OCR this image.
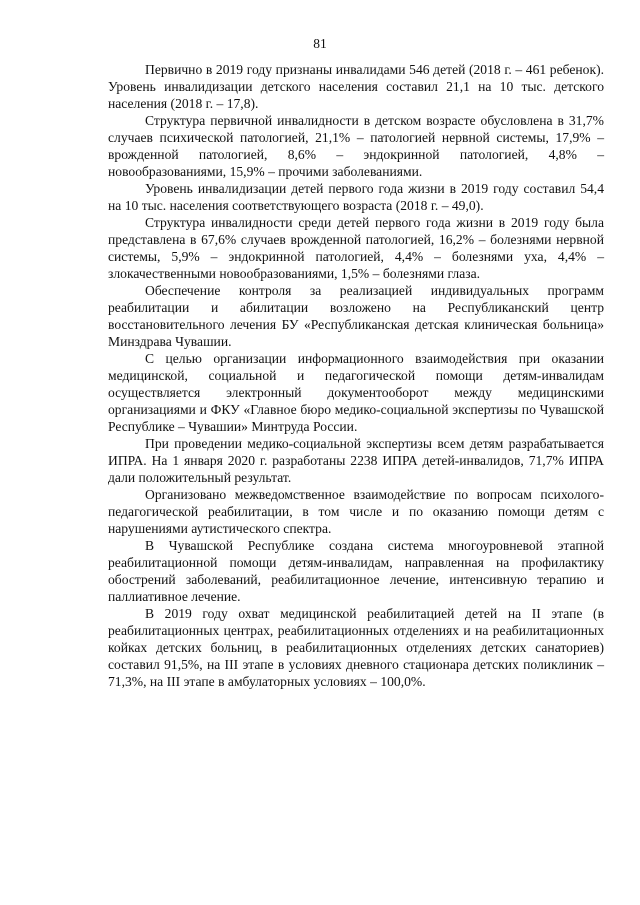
81

Первично в 2019 году признаны инвалидами 546 детей (2018 г. – 461 ребенок). Уровень инвалидизации детского населения составил 21,1 на 10 тыс. детского населения (2018 г. – 17,8).

Структура первичной инвалидности в детском возрасте обусловлена в 31,7% случаев психической патологией, 21,1% – патологией нервной системы, 17,9% – врожденной патологией, 8,6% – эндокринной патологией, 4,8% – новообразованиями, 15,9% – прочими заболеваниями.

Уровень инвалидизации детей первого года жизни в 2019 году составил 54,4 на 10 тыс. населения соответствующего возраста (2018 г. – 49,0).

Структура инвалидности среди детей первого года жизни в 2019 году была представлена в 67,6% случаев врожденной патологией, 16,2% – болезнями нервной системы, 5,9% – эндокринной патологией, 4,4% – болезнями уха, 4,4% – злокачественными новообразованиями, 1,5% – болезнями глаза.

Обеспечение контроля за реализацией индивидуальных программ реабилитации и абилитации возложено на Республиканский центр восстановительного лечения БУ «Республиканская детская клиническая больница» Минздрава Чувашии.

С целью организации информационного взаимодействия при оказании медицинской, социальной и педагогической помощи детям-инвалидам осуществляется электронный документооборот между медицинскими организациями и ФКУ «Главное бюро медико-социальной экспертизы по Чувашской Республике – Чувашии» Минтруда России.

При проведении медико-социальной экспертизы всем детям разрабатывается ИПРА. На 1 января 2020 г. разработаны 2238 ИПРА детей-инвалидов, 71,7% ИПРА дали положительный результат.

Организовано межведомственное взаимодействие по вопросам психолого-педагогической реабилитации, в том числе и по оказанию помощи детям с нарушениями аутистического спектра.

В Чувашской Республике создана система многоуровневой этапной реабилитационной помощи детям-инвалидам, направленная на профилактику обострений заболеваний, реабилитационное лечение, интенсивную терапию и паллиативное лечение.

В 2019 году охват медицинской реабилитацией детей на II этапе (в реабилитационных центрах, реабилитационных отделениях и на реабилитационных койках детских больниц, в реабилитационных отделениях детских санаториев) составил 91,5%, на III этапе в условиях дневного стационара детских поликлиник – 71,3%, на III этапе в амбулаторных условиях – 100,0%.
